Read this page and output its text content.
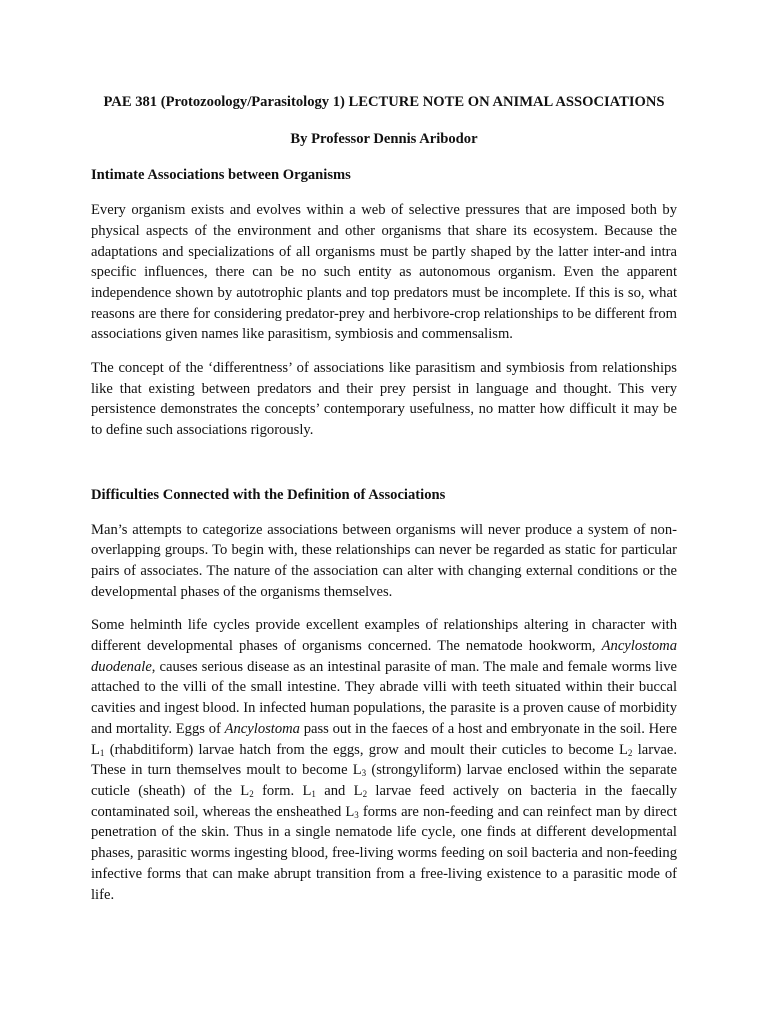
PAE 381 (Protozoology/Parasitology 1) LECTURE NOTE ON ANIMAL ASSOCIATIONS

By Professor Dennis Aribodor

Intimate Associations between Organisms

Every organism exists and evolves within a web of selective pressures that are imposed both by physical aspects of the environment and other organisms that share its ecosystem. Because the adaptations and specializations of all organisms must be partly shaped by the latter inter-and intra specific influences, there can be no such entity as autonomous organism. Even the apparent independence shown by autotrophic plants and top predators must be incomplete. If this is so, what reasons are there for considering predator-prey and herbivore-crop relationships to be different from associations given names like parasitism, symbiosis and commensalism.

The concept of the ‘differentness’ of associations like parasitism and symbiosis from relationships like that existing between predators and their prey persist in language and thought. This very persistence demonstrates the concepts’ contemporary usefulness, no matter how difficult it may be to define such associations rigorously.

Difficulties Connected with the Definition of Associations

Man’s attempts to categorize associations between organisms will never produce a system of non-overlapping groups. To begin with, these relationships can never be regarded as static for particular pairs of associates. The nature of the association can alter with changing external conditions or the developmental phases of the organisms themselves.

Some helminth life cycles provide excellent examples of relationships altering in character with different developmental phases of organisms concerned. The nematode hookworm, Ancylostoma duodenale, causes serious disease as an intestinal parasite of man. The male and female worms live attached to the villi of the small intestine. They abrade villi with teeth situated within their buccal cavities and ingest blood. In infected human populations, the parasite is a proven cause of morbidity and mortality. Eggs of Ancylostoma pass out in the faeces of a host and embryonate in the soil. Here $L_1$ (rhabditiform) larvae hatch from the eggs, grow and moult their cuticles to become $L_2$ larvae. These in turn themselves moult to become $L_3$ (strongyliform) larvae enclosed within the separate cuticle (sheath) of the $L_2$ form. $L_1$ and $L_2$ larvae feed actively on bacteria in the faecally contaminated soil, whereas the ensheathed $L_3$ forms are non-feeding and can reinfect man by direct penetration of the skin. Thus in a single nematode life cycle, one finds at different developmental phases, parasitic worms ingesting blood, free-living worms feeding on soil bacteria and non-feeding infective forms that can make abrupt transition from a free-living existence to a parasitic mode of life.
